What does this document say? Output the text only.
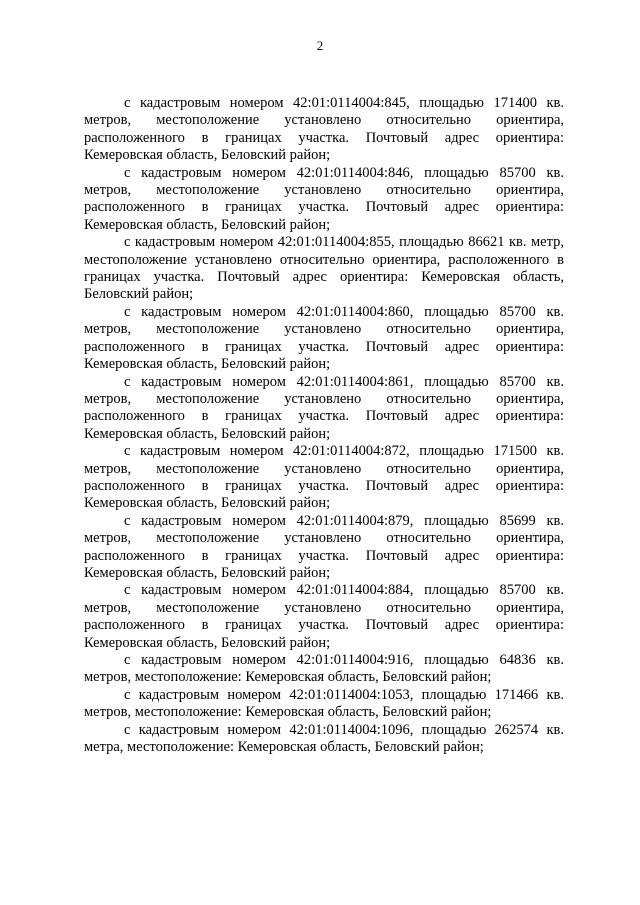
2

с кадастровым номером 42:01:0114004:845, площадью 171400 кв. метров, местоположение установлено относительно ориентира, расположенного в границах участка. Почтовый адрес ориентира: Кемеровская область, Беловский район;

с кадастровым номером 42:01:0114004:846, площадью 85700 кв. метров, местоположение установлено относительно ориентира, расположенного в границах участка. Почтовый адрес ориентира: Кемеровская область, Беловский район;

с кадастровым номером 42:01:0114004:855, площадью 86621 кв. метр, местоположение установлено относительно ориентира, расположенного в границах участка. Почтовый адрес ориентира: Кемеровская область, Беловский район;

с кадастровым номером 42:01:0114004:860, площадью 85700 кв. метров, местоположение установлено относительно ориентира, расположенного в границах участка. Почтовый адрес ориентира: Кемеровская область, Беловский район;

с кадастровым номером 42:01:0114004:861, площадью 85700 кв. метров, местоположение установлено относительно ориентира, расположенного в границах участка. Почтовый адрес ориентира: Кемеровская область, Беловский район;

с кадастровым номером 42:01:0114004:872, площадью 171500 кв. метров, местоположение установлено относительно ориентира, расположенного в границах участка. Почтовый адрес ориентира: Кемеровская область, Беловский район;

с кадастровым номером 42:01:0114004:879, площадью 85699 кв. метров, местоположение установлено относительно ориентира, расположенного в границах участка. Почтовый адрес ориентира: Кемеровская область, Беловский район;

с кадастровым номером 42:01:0114004:884, площадью 85700 кв. метров, местоположение установлено относительно ориентира, расположенного в границах участка. Почтовый адрес ориентира: Кемеровская область, Беловский район;

с кадастровым номером 42:01:0114004:916, площадью 64836 кв. метров, местоположение: Кемеровская область, Беловский район;

с кадастровым номером 42:01:0114004:1053, площадью 171466 кв. метров, местоположение: Кемеровская область, Беловский район;

с кадастровым номером 42:01:0114004:1096, площадью 262574 кв. метра, местоположение: Кемеровская область, Беловский район;
